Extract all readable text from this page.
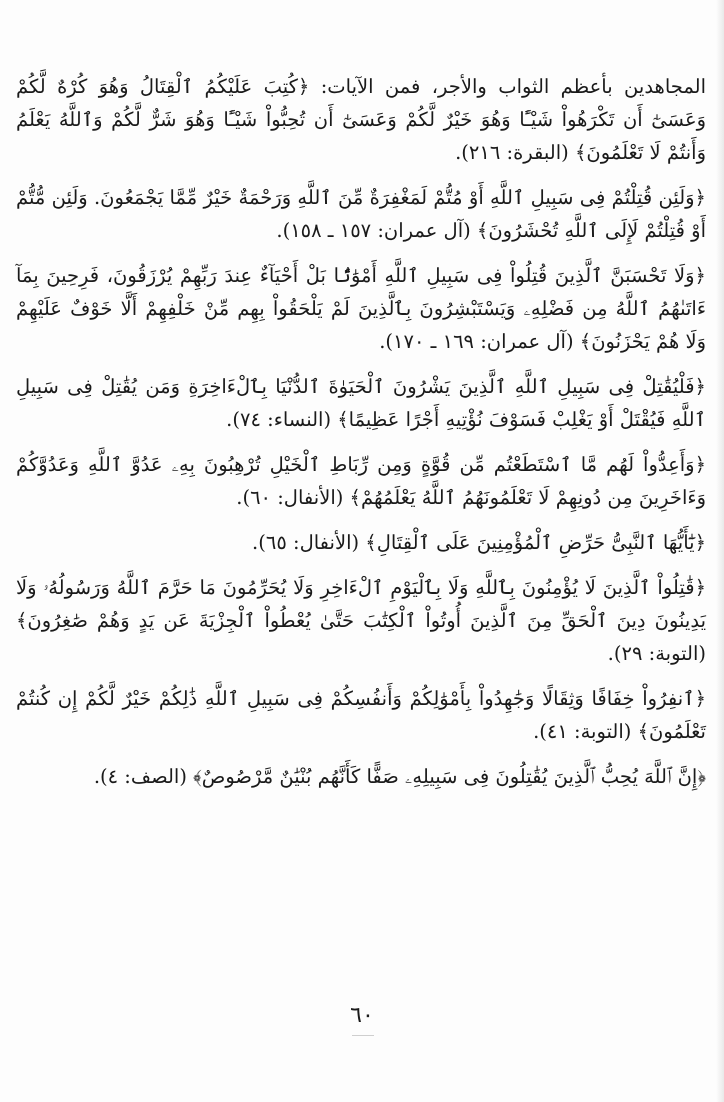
المجاهدين بأعظم الثواب والأجر، فمن الآيات: ﴿كُتِبَ عَلَيْكُمُ ٱلْقِتَالُ وَهُوَ كُرْهٌ لَّكُمْ وَعَسَىٰٓ أَن تَكْرَهُواْ شَيْـًٔا وَهُوَ خَيْرٌ لَّكُمْ وَعَسَىٰٓ أَن تُحِبُّواْ شَيْـًٔا وَهُوَ شَرٌّ لَّكُمْ وَٱللَّهُ يَعْلَمُ وَأَنتُمْ لَا تَعْلَمُونَ﴾ (البقرة: ٢١٦).

﴿وَلَئِن قُتِلْتُمْ فِى سَبِيلِ ٱللَّهِ أَوْ مُتُّمْ لَمَغْفِرَةٌ مِّنَ ٱللَّهِ وَرَحْمَةٌ خَيْرٌ مِّمَّا يَجْمَعُونَ. وَلَئِن مُّتُّمْ أَوْ قُتِلْتُمْ لَإِلَى ٱللَّهِ تُحْشَرُونَ﴾ (آل عمران: ١٥٧ ـ ١٥٨).

﴿وَلَا تَحْسَبَنَّ ٱلَّذِينَ قُتِلُواْ فِى سَبِيلِ ٱللَّهِ أَمْوَٰتًۢا بَلْ أَحْيَآءٌ عِندَ رَبِّهِمْ يُرْزَقُونَ، فَرِحِينَ بِمَآ ءَاتَىٰهُمُ ٱللَّهُ مِن فَضْلِهِۦ وَيَسْتَبْشِرُونَ بِٱلَّذِينَ لَمْ يَلْحَقُواْ بِهِم مِّنْ خَلْفِهِمْ أَلَّا خَوْفٌ عَلَيْهِمْ وَلَا هُمْ يَحْزَنُونَ﴾ (آل عمران: ١٦٩ ـ ١٧٠).

﴿فَلْيُقَٰتِلْ فِى سَبِيلِ ٱللَّهِ ٱلَّذِينَ يَشْرُونَ ٱلْحَيَوٰةَ ٱلدُّنْيَا بِٱلْءَاخِرَةِ وَمَن يُقَٰتِلْ فِى سَبِيلِ ٱللَّهِ فَيُقْتَلْ أَوْ يَغْلِبْ فَسَوْفَ نُؤْتِيهِ أَجْرًا عَظِيمًا﴾ (النساء: ٧٤).

﴿وَأَعِدُّواْ لَهُم مَّا ٱسْتَطَعْتُم مِّن قُوَّةٍ وَمِن رِّبَاطِ ٱلْخَيْلِ تُرْهِبُونَ بِهِۦ عَدُوَّ ٱللَّهِ وَعَدُوَّكُمْ وَءَاخَرِينَ مِن دُونِهِمْ لَا تَعْلَمُونَهُمُ ٱللَّهُ يَعْلَمُهُمْ﴾ (الأنفال: ٦٠).

﴿يَٰٓأَيُّهَا ٱلنَّبِىُّ حَرِّضِ ٱلْمُؤْمِنِينَ عَلَى ٱلْقِتَالِ﴾ (الأنفال: ٦٥).

﴿قَٰتِلُواْ ٱلَّذِينَ لَا يُؤْمِنُونَ بِٱللَّهِ وَلَا بِٱلْيَوْمِ ٱلْءَاخِرِ وَلَا يُحَرِّمُونَ مَا حَرَّمَ ٱللَّهُ وَرَسُولُهُۥ وَلَا يَدِينُونَ دِينَ ٱلْحَقِّ مِنَ ٱلَّذِينَ أُوتُواْ ٱلْكِتَٰبَ حَتَّىٰ يُعْطُواْ ٱلْجِزْيَةَ عَن يَدٍ وَهُمْ صَٰغِرُونَ﴾ (التوبة: ٢٩).

﴿ٱنفِرُواْ خِفَافًا وَثِقَالًا وَجَٰهِدُواْ بِأَمْوَٰلِكُمْ وَأَنفُسِكُمْ فِى سَبِيلِ ٱللَّهِ ذَٰلِكُمْ خَيْرٌ لَّكُمْ إِن كُنتُمْ تَعْلَمُونَ﴾ (التوبة: ٤١).

﴿إِنَّ ٱللَّهَ يُحِبُّ ٱلَّذِينَ يُقَٰتِلُونَ فِى سَبِيلِهِۦ صَفًّا كَأَنَّهُم بُنْيَٰنٌ مَّرْصُوصٌ﴾ (الصف: ٤).

٦٠
